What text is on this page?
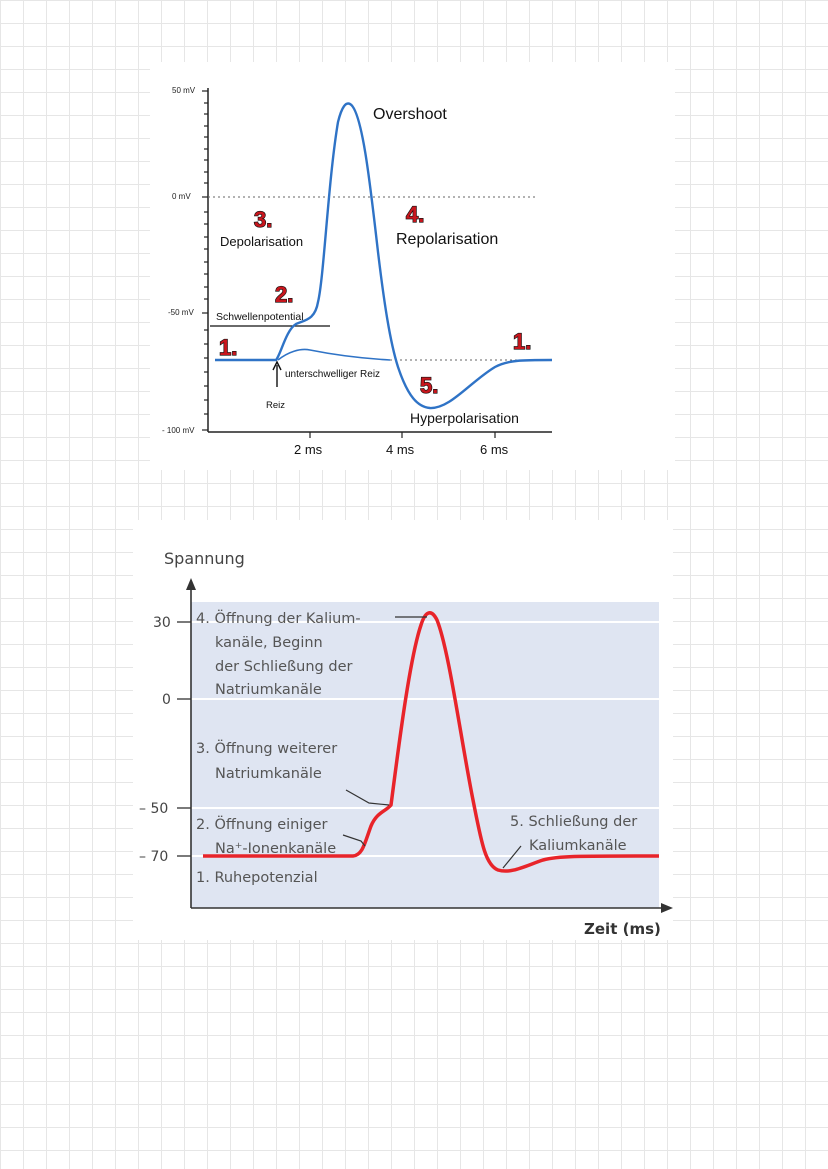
50 mV
0 mV
-50 mV
- 100 mV
2 ms	4 ms	6 ms
Overshoot
Depolarisation	Repolarisation
Schwellenpotential
unterschwelliger Reiz
Reiz
Hyperpolarisation
1.
2.
3.	4.
5.
1.
30
0
– 50
– 70
Spannung
Zeit (ms)
4. Öffnung der Kalium-
kanäle, Beginn
der Schließung der
Natriumkanäle
3. Öffnung weiterer
Natriumkanäle
2. Öffnung einiger
Na⁺-Ionenkanäle
1. Ruhepotenzial
5. Schließung der
Kaliumkanäle
